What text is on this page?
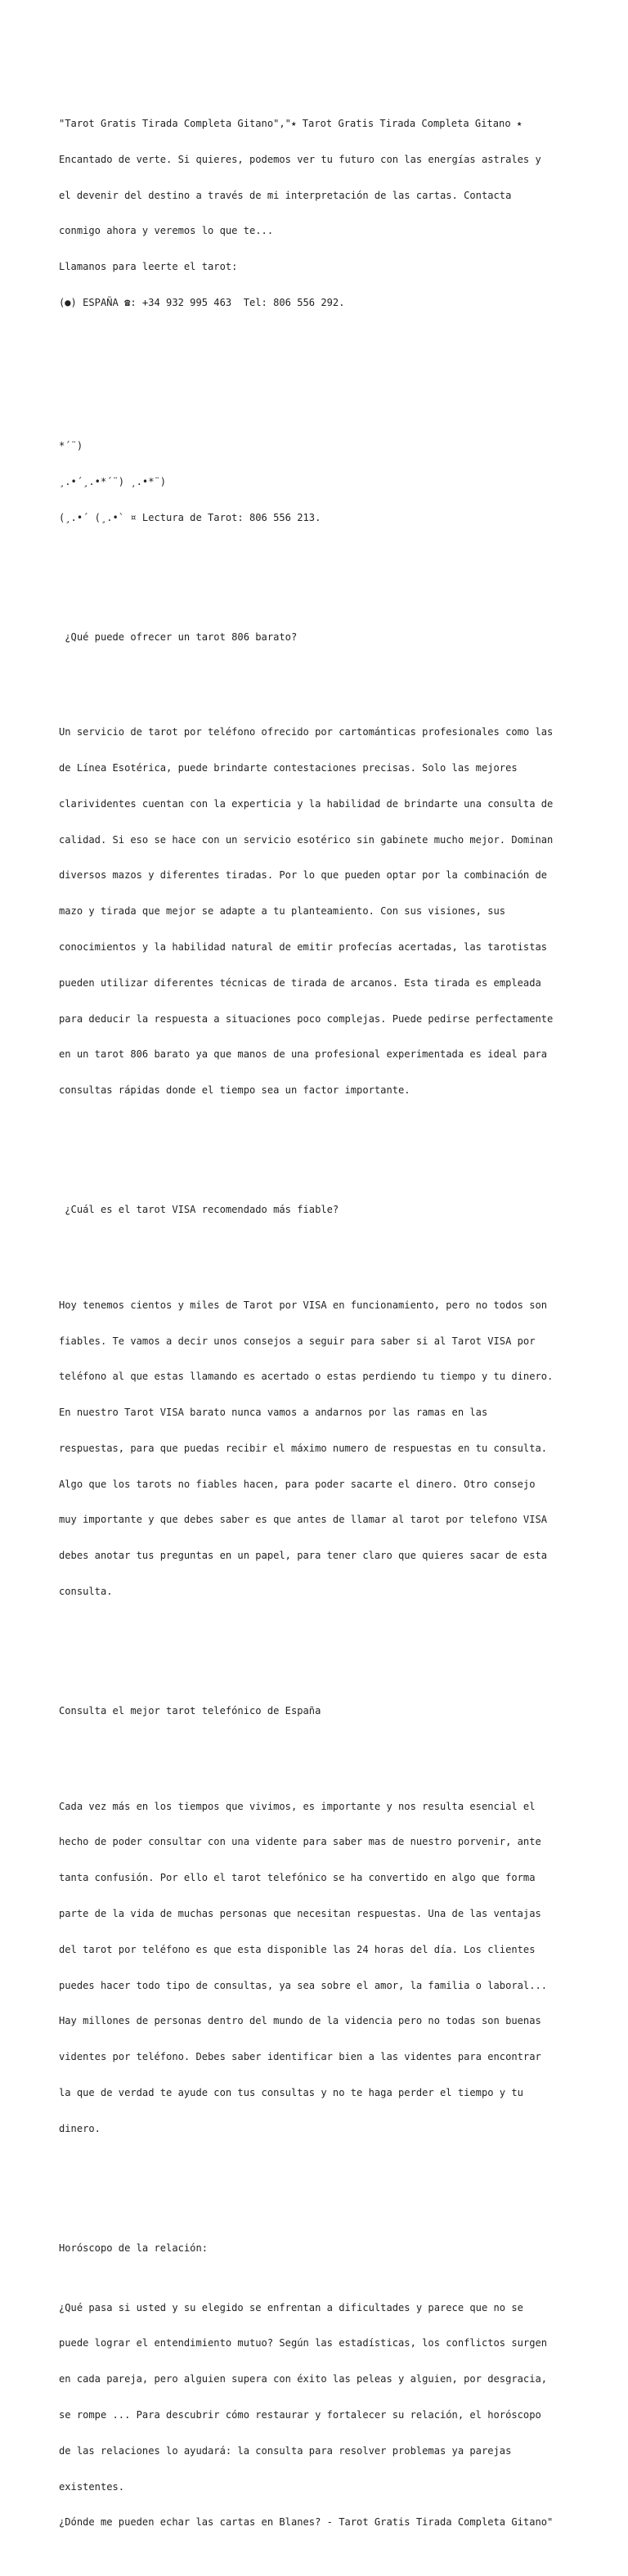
"Tarot Gratis Tirada Completa Gitano","⭑ Tarot Gratis Tirada Completa Gitano ⭑

Encantado de verte. Si quieres, podemos ver tu futuro con las energías astrales y

el devenir del destino a través de mi interpretación de las cartas. Contacta

conmigo ahora y veremos lo que te...

Llamanos para leerte el tarot:

(●) ESPAÑA ☎: +34 932 995 463  Tel: 806 556 292.

*´¨)

¸.•´¸.•*´¨) ¸.•*¨)

(¸.•´ (¸.•` ¤ Lectura de Tarot: 806 556 213.

¿Qué puede ofrecer un tarot 806 barato?

Un servicio de tarot por teléfono ofrecido por cartománticas profesionales como las

de Línea Esotérica, puede brindarte contestaciones precisas. Solo las mejores

clarividentes cuentan con la experticia y la habilidad de brindarte una consulta de

calidad. Si eso se hace con un servicio esotérico sin gabinete mucho mejor. Dominan

diversos mazos y diferentes tiradas. Por lo que pueden optar por la combinación de

mazo y tirada que mejor se adapte a tu planteamiento. Con sus visiones, sus

conocimientos y la habilidad natural de emitir profecías acertadas, las tarotistas

pueden utilizar diferentes técnicas de tirada de arcanos. Esta tirada es empleada

para deducir la respuesta a situaciones poco complejas. Puede pedirse perfectamente

en un tarot 806 barato ya que manos de una profesional experimentada es ideal para

consultas rápidas donde el tiempo sea un factor importante.

¿Cuál es el tarot VISA recomendado más fiable?

Hoy tenemos cientos y miles de Tarot por VISA en funcionamiento, pero no todos son

fiables. Te vamos a decir unos consejos a seguir para saber si al Tarot VISA por

teléfono al que estas llamando es acertado o estas perdiendo tu tiempo y tu dinero.

En nuestro Tarot VISA barato nunca vamos a andarnos por las ramas en las

respuestas, para que puedas recibir el máximo numero de respuestas en tu consulta.

Algo que los tarots no fiables hacen, para poder sacarte el dinero. Otro consejo

muy importante y que debes saber es que antes de llamar al tarot por telefono VISA

debes anotar tus preguntas en un papel, para tener claro que quieres sacar de esta

consulta.

Consulta el mejor tarot telefónico de España

Cada vez más en los tiempos que vivimos, es importante y nos resulta esencial el

hecho de poder consultar con una vidente para saber mas de nuestro porvenir, ante

tanta confusión. Por ello el tarot telefónico se ha convertido en algo que forma

parte de la vida de muchas personas que necesitan respuestas. Una de las ventajas

del tarot por teléfono es que esta disponible las 24 horas del día. Los clientes

puedes hacer todo tipo de consultas, ya sea sobre el amor, la familia o laboral...

Hay millones de personas dentro del mundo de la videncia pero no todas son buenas

videntes por teléfono. Debes saber identificar bien a las videntes para encontrar

la que de verdad te ayude con tus consultas y no te haga perder el tiempo y tu

dinero.

Horóscopo de la relación:

¿Qué pasa si usted y su elegido se enfrentan a dificultades y parece que no se

puede lograr el entendimiento mutuo? Según las estadísticas, los conflictos surgen

en cada pareja, pero alguien supera con éxito las peleas y alguien, por desgracia,

se rompe ... Para descubrir cómo restaurar y fortalecer su relación, el horóscopo

de las relaciones lo ayudará: la consulta para resolver problemas ya parejas

existentes.

¿Dónde me pueden echar las cartas en Blanes? - Tarot Gratis Tirada Completa Gitano"
